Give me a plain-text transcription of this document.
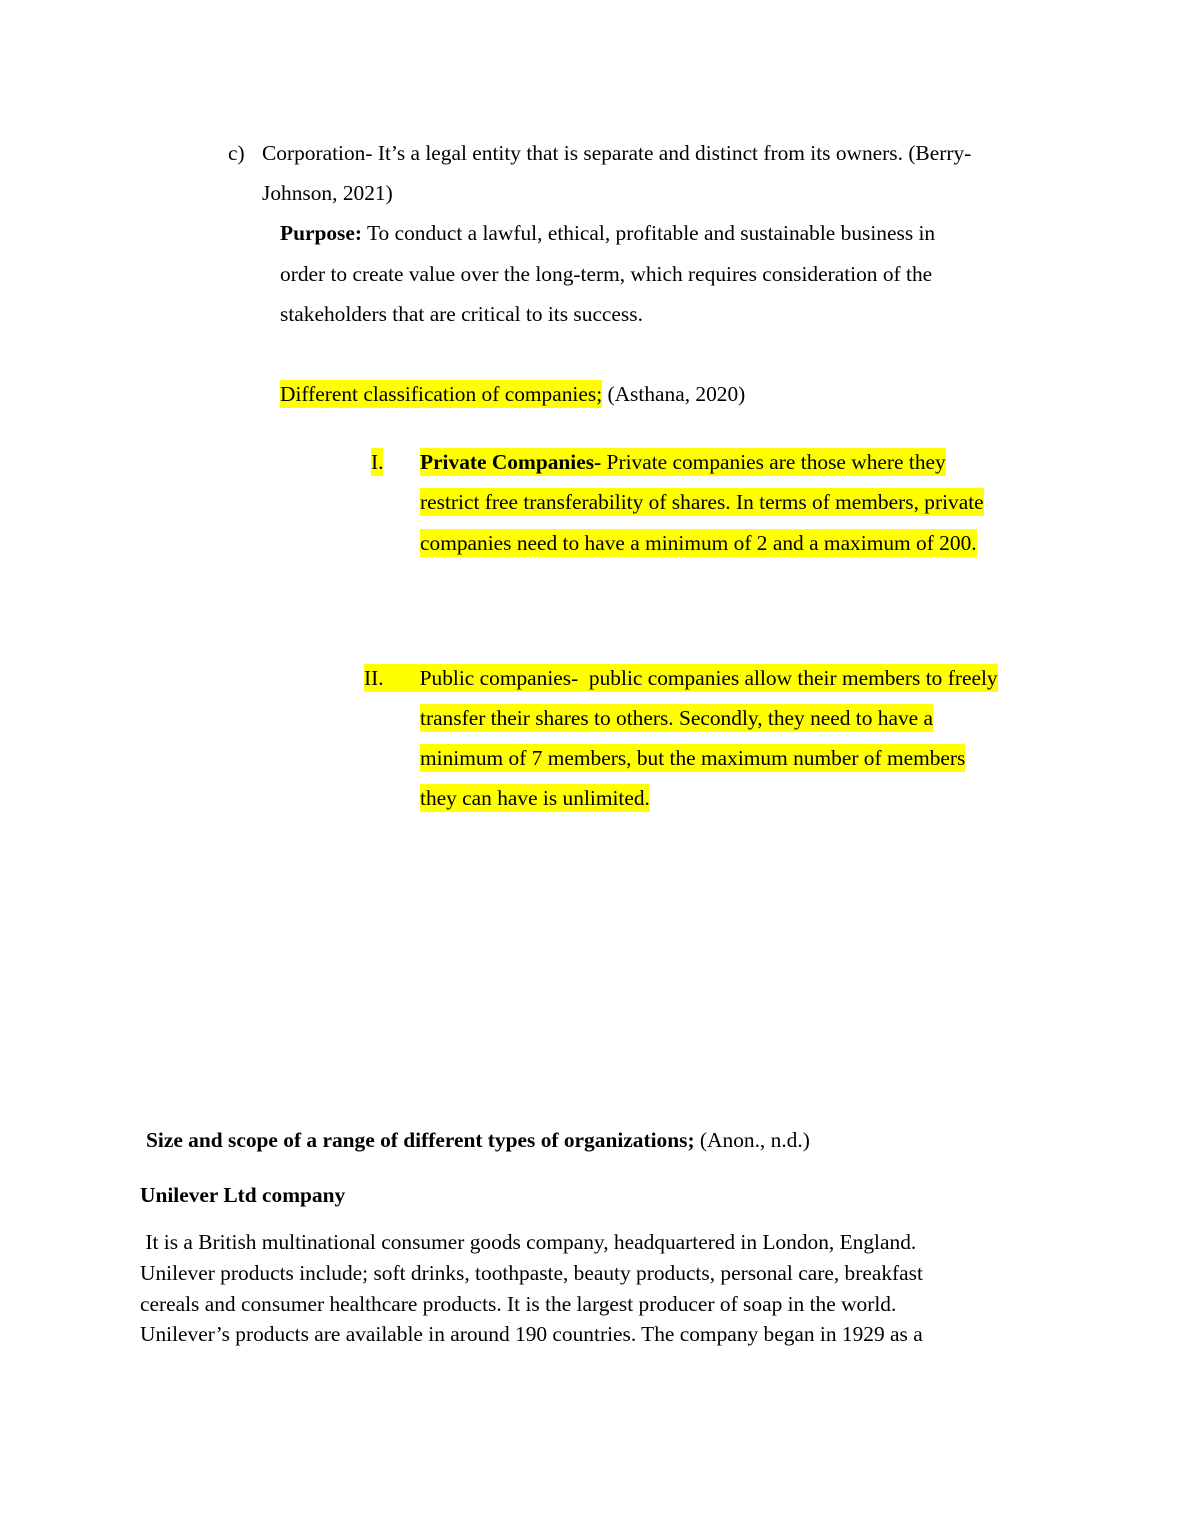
c) Corporation- It’s a legal entity that is separate and distinct from its owners. (Berry-
Johnson, 2021)
Purpose: To conduct a lawful, ethical, profitable and sustainable business in
order to create value over the long-term, which requires consideration of the
stakeholders that are critical to its success.
Different classification of companies; (Asthana, 2020)
I. Private Companies- Private companies are those where they
restrict free transferability of shares. In terms of members, private
companies need to have a minimum of 2 and a maximum of 200.
II. Public companies-  public companies allow their members to freely
transfer their shares to others. Secondly, they need to have a
minimum of 7 members, but the maximum number of members
they can have is unlimited.
Size and scope of a range of different types of organizations; (Anon., n.d.)
Unilever Ltd company
It is a British multinational consumer goods company, headquartered in London, England.
Unilever products include; soft drinks, toothpaste, beauty products, personal care, breakfast
cereals and consumer healthcare products. It is the largest producer of soap in the world.
Unilever’s products are available in around 190 countries. The company began in 1929 as a
